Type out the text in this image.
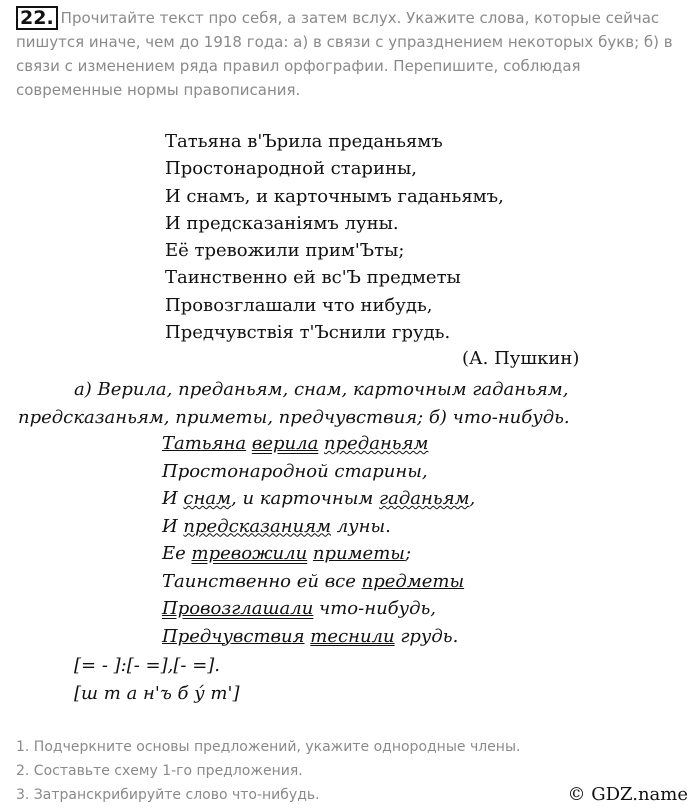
22. Прочитайте текст про себя, а затем вслух. Укажите слова, которые сейчас пишутся иначе, чем до 1918 года: а) в связи с упразднением некоторых букв; б) в связи с изменением ряда правил орфографии. Перепишите, соблюдая современные нормы правописания.
Татьяна в'Ърила преданьямъ
Простонародной старины,
И снамъ, и карточнымъ гаданьямъ,
И предсказаніямъ луны.
Её тревожили прим'Ъты;
Таинственно ей вс'Ъ предметы
Провозглашали что нибудь,
Предчувствія т'Ъснили грудь.
(А. Пушкин)
а) Верила, преданьям, снам, карточным гаданьям, предсказаньям, приметы, предчувствия; б) что-нибудь.
Татьяна верила преданьям
Простонародной старины,
И снам, и карточным гаданьям,
И предсказаниям луны.
Ее тревожили приметы;
Таинственно ей все предметы
Провозглашали что-нибудь,
Предчувствия теснили грудь.
[= - ]:[- =],[- =].
[ш т а н'ъ б у́ т']
1. Подчеркните основы предложений, укажите однородные члены.
2. Составьте схему 1-го предложения.
3. Затранскрибируйте слово что-нибудь.	© GDZ.name
